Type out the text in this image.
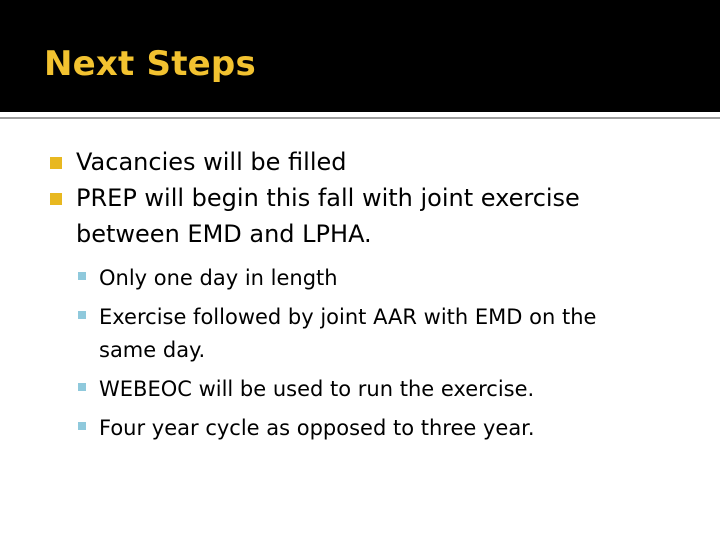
Next Steps
Vacancies will be filled
PREP will begin this fall with joint exercise between EMD and LPHA.
Only one day in length
Exercise followed by joint AAR with EMD on the same day.
WEBEOC will be used to run the exercise.
Four year cycle as opposed to three year.
